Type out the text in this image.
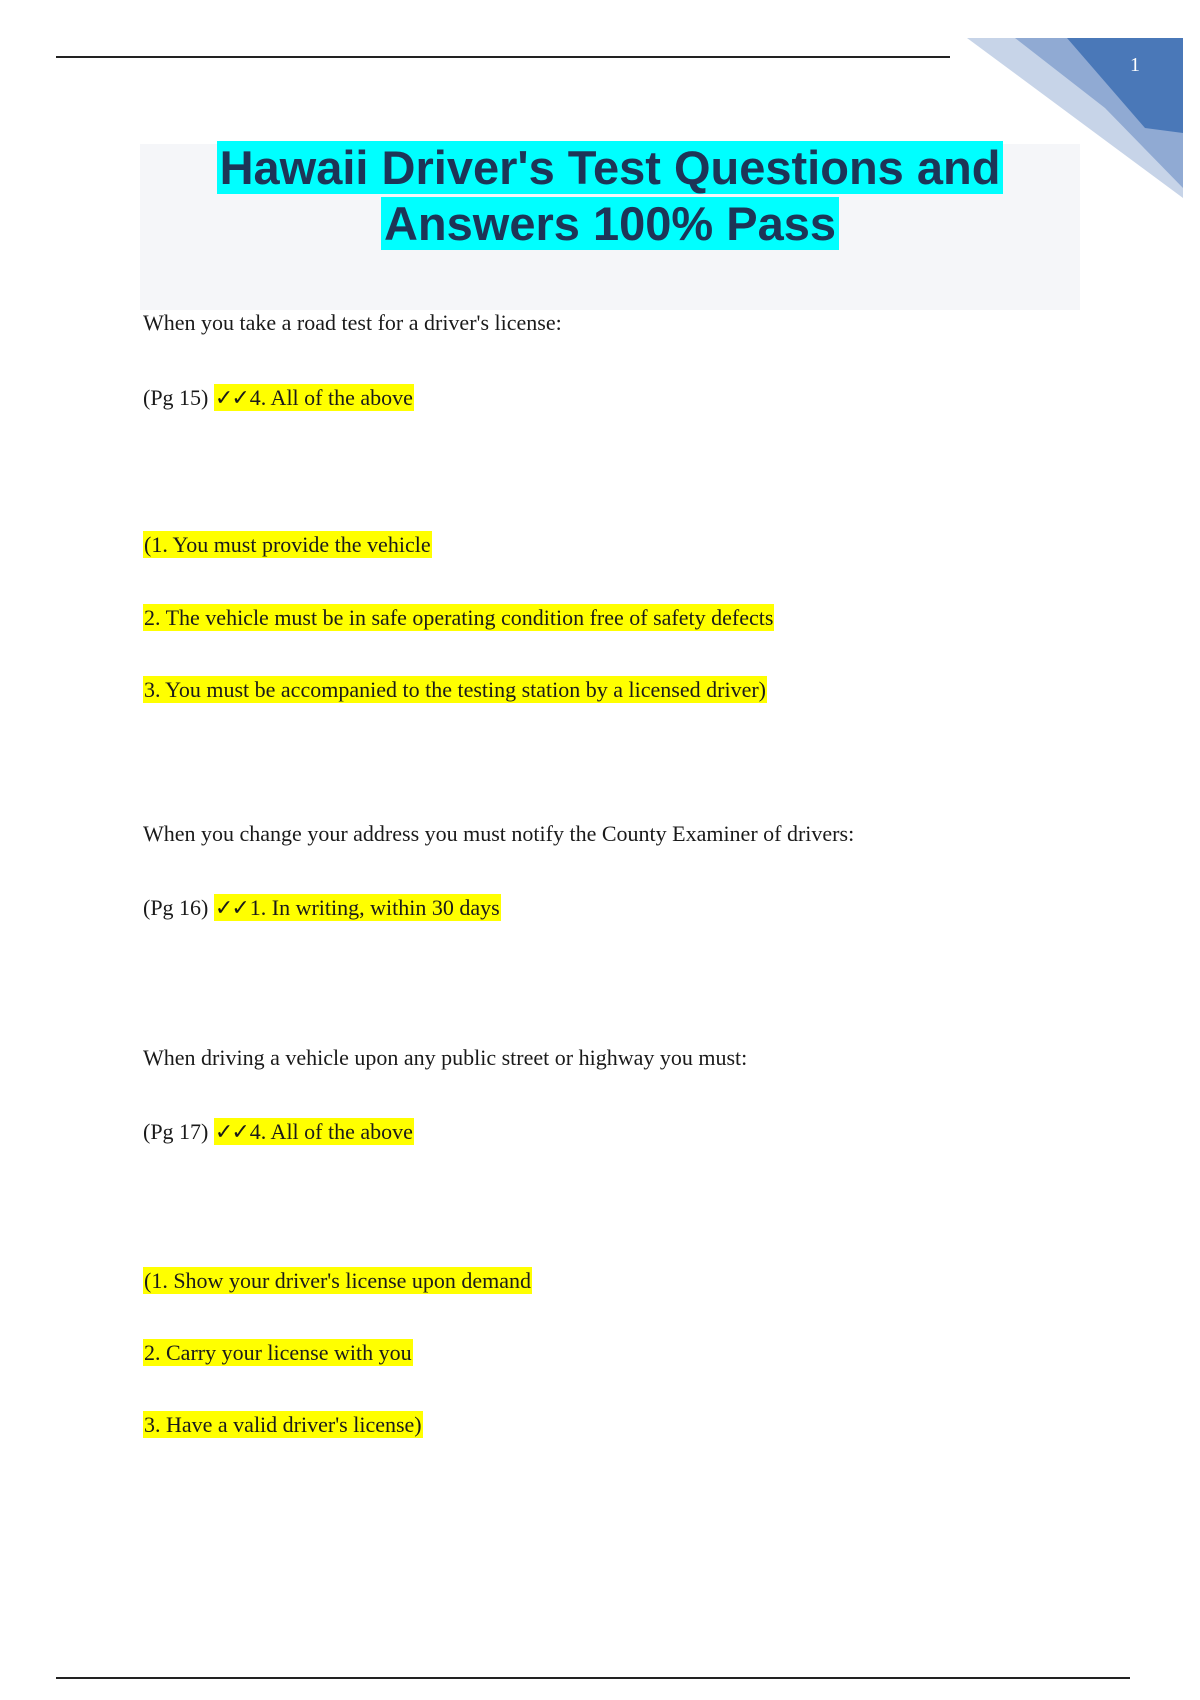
1
Hawaii Driver's Test Questions and
Answers 100% Pass

When you take a road test for a driver's license:

(Pg 15) ✓✓4. All of the above

(1. You must provide the vehicle

2. The vehicle must be in safe operating condition free of safety defects

3. You must be accompanied to the testing station by a licensed driver)

When you change your address you must notify the County Examiner of drivers:

(Pg 16) ✓✓1. In writing, within 30 days

When driving a vehicle upon any public street or highway you must:

(Pg 17) ✓✓4. All of the above

(1. Show your driver's license upon demand

2. Carry your license with you

3. Have a valid driver's license)
